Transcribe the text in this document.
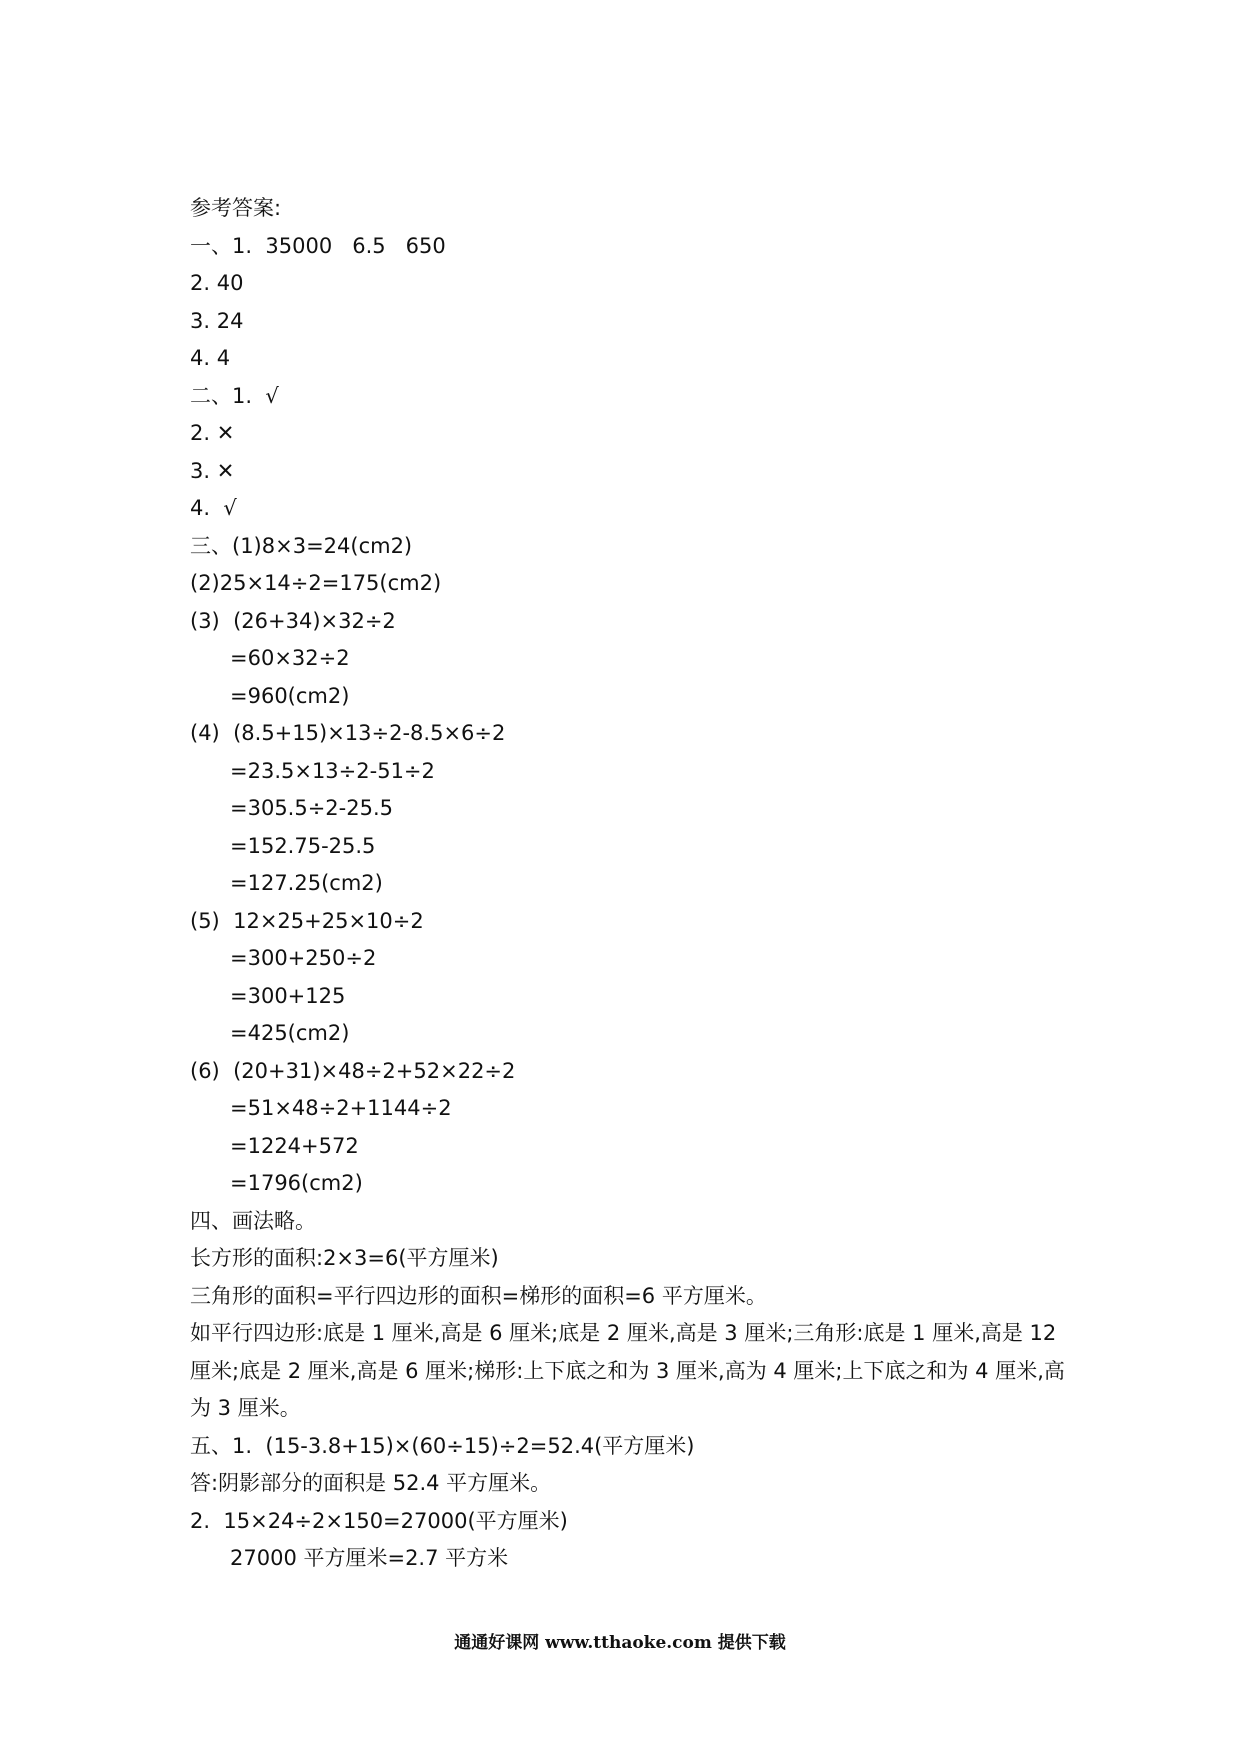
参考答案:
一、1.  35000   6.5   650
2. 40
3. 24
4. 4
二、1.  √
2. ✕
3. ✕
4.  √
三、(1)8×3=24(cm2)
(2)25×14÷2=175(cm2)
(3)  (26+34)×32÷2
=60×32÷2
=960(cm2)
(4)  (8.5+15)×13÷2-8.5×6÷2
=23.5×13÷2-51÷2
=305.5÷2-25.5
=152.75-25.5
=127.25(cm2)
(5)  12×25+25×10÷2
=300+250÷2
=300+125
=425(cm2)
(6)  (20+31)×48÷2+52×22÷2
=51×48÷2+1144÷2
=1224+572
=1796(cm2)
四、画法略。
长方形的面积:2×3=6(平方厘米)
三角形的面积=平行四边形的面积=梯形的面积=6 平方厘米。
如平行四边形:底是 1 厘米,高是 6 厘米;底是 2 厘米,高是 3 厘米;三角形:底是 1 厘米,高是 12 厘米;底是 2 厘米,高是 6 厘米;梯形:上下底之和为 3 厘米,高为 4 厘米;上下底之和为 4 厘米,高为 3 厘米。
五、1.  (15-3.8+15)×(60÷15)÷2=52.4(平方厘米)
答:阴影部分的面积是 52.4 平方厘米。
2.  15×24÷2×150=27000(平方厘米)
27000 平方厘米=2.7 平方米
通通好课网 www.tthaoke.com 提供下载
